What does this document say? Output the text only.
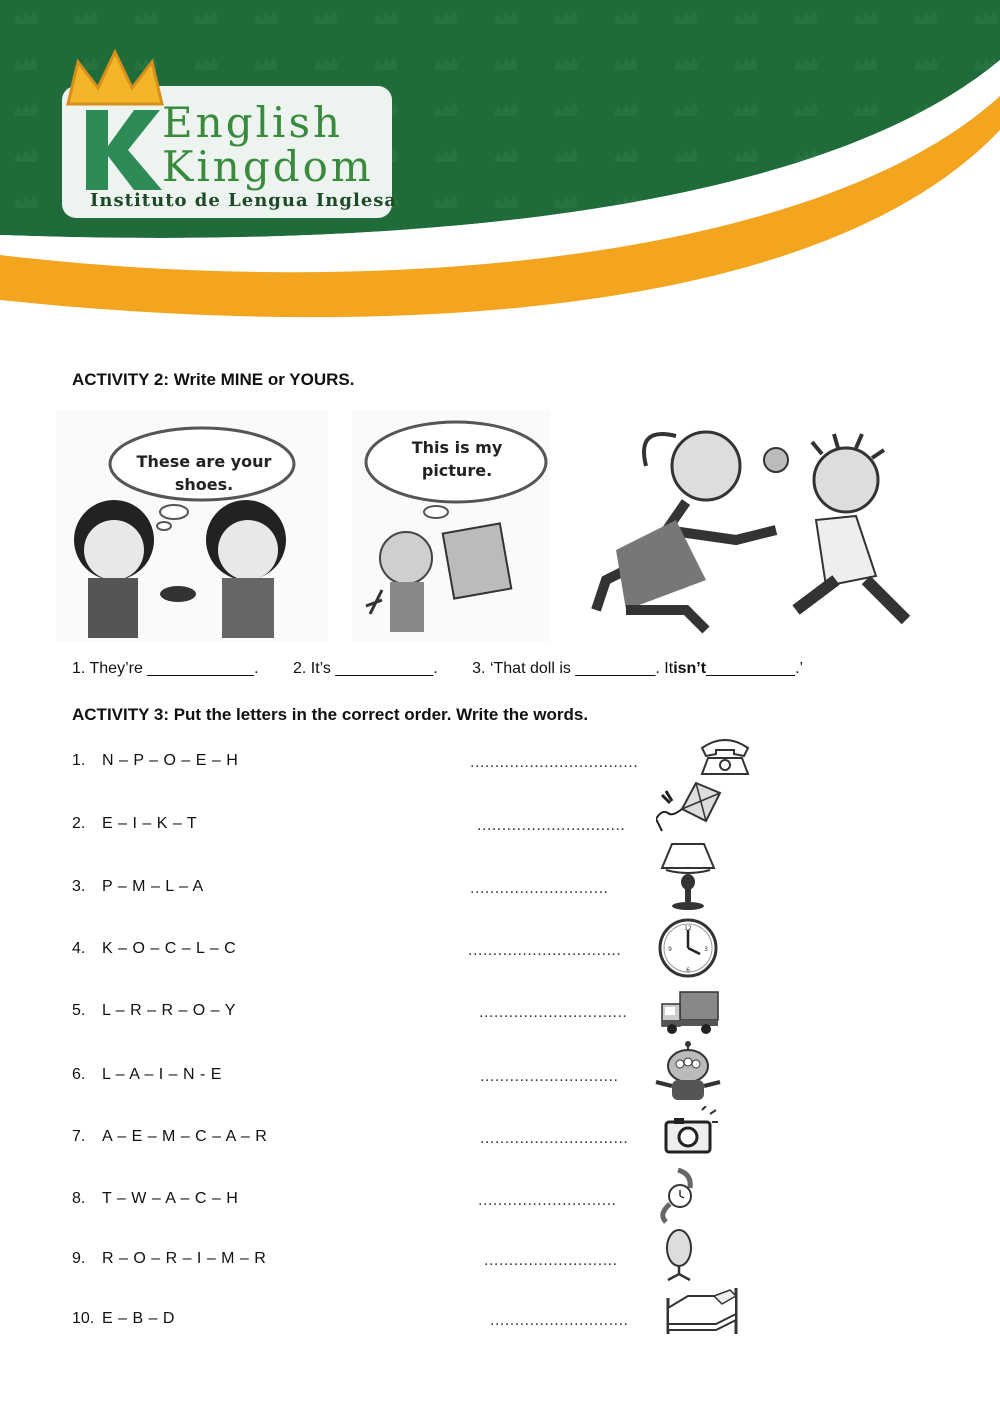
English
Kingdom
Instituto de Lengua Inglesa
ACTIVITY 2: Write MINE or YOURS.
These are your shoes.
This is my picture.
1. They’re ____________. 2. It’s ___________. 3. ‘That doll is _________. Itisn’t__________.’
ACTIVITY 3: Put the letters in the correct order. Write the words.
1. N – P – O – E – H	..................................
2. E – I – K – T	..............................
3. P – M – L – A	............................
4. K – O – C – L – C	...............................
12
3
6
9
5. L – R – R – O – Y	..............................
6. L – A – I – N - E	............................
7. A – E – M – C – A – R	..............................
8. T – W – A – C – H	............................
9. R – O – R – I – M – R	...........................
10. E – B – D	............................
